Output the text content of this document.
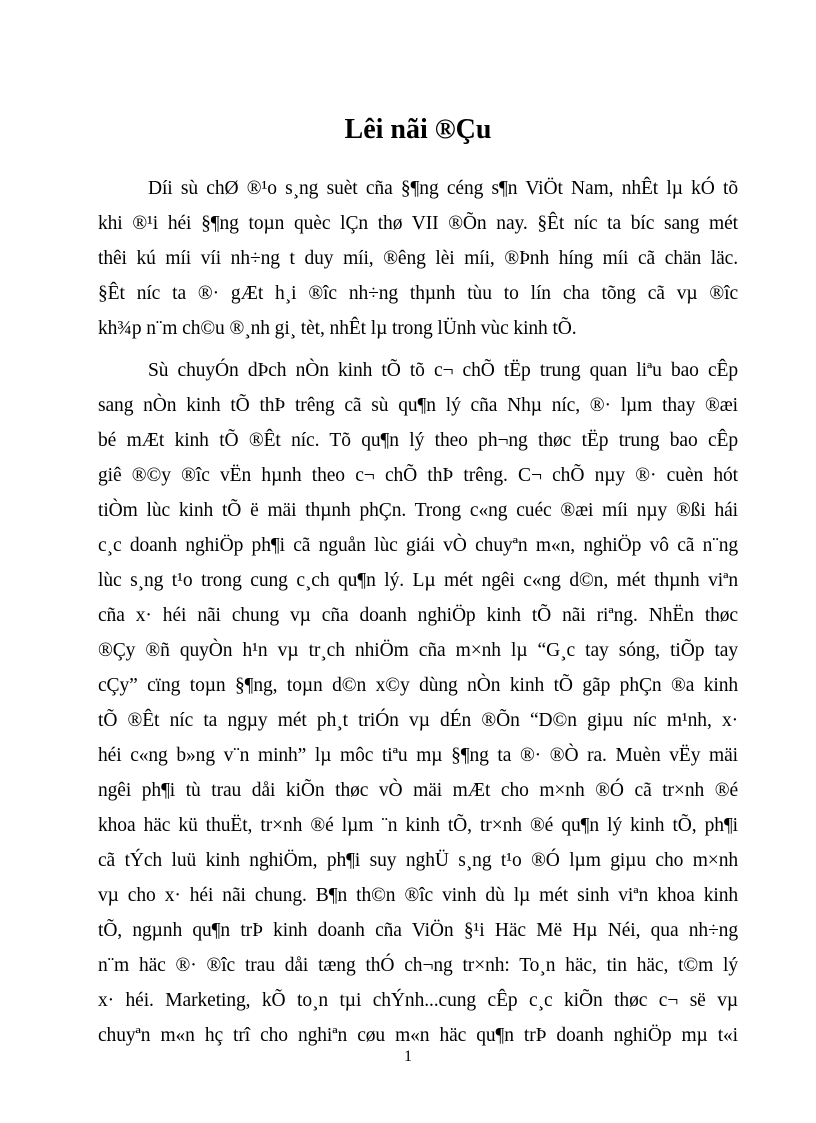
Lêi nãi ®Çu
Díi sù chØ ®¹o s¸ng suèt cña §¶ng céng s¶n ViÖt Nam, nhÊt lµ kÓ tõ
khi ®¹i héi §¶ng toµn quèc lÇn thø VII ®Õn nay. §Êt níc ta bíc sang mét
thêi kú míi víi nh÷ng t duy míi, ®êng lèi míi, ®Þnh híng míi cã chän läc.
§Êt níc ta ®· gÆt h¸i ®îc nh÷ng thµnh tùu to lín cha tõng cã vµ ®îc
kh¾p n¨m ch©u ®¸nh gi¸ tèt, nhÊt lµ trong lÜnh vùc kinh tÕ.
Sù chuyÓn dÞch nÒn kinh tÕ tõ c¬ chÕ tËp trung quan liªu bao cÊp
sang nÒn kinh tÕ thÞ trêng cã sù qu¶n lý cña Nhµ níc, ®· lµm thay ®æi
bé mÆt kinh tÕ ®Êt níc. Tõ qu¶n lý theo ph¬ng thøc tËp trung bao cÊp
giê ®©y ®îc vËn hµnh theo c¬ chÕ thÞ trêng. C¬ chÕ nµy ®· cuèn hót
tiÒm lùc kinh tÕ ë mäi thµnh phÇn. Trong c«ng cuéc ®æi míi nµy ®ßi hái
c¸c doanh nghiÖp ph¶i cã nguån lùc giái vÒ chuyªn m«n, nghiÖp vô cã n¨ng
lùc s¸ng t¹o trong cung c¸ch qu¶n lý. Lµ mét ngêi c«ng d©n, mét thµnh viªn
cña x· héi nãi chung vµ cña doanh nghiÖp kinh tÕ nãi riªng. NhËn thøc
®Çy ®ñ quyÒn h¹n vµ tr¸ch nhiÖm cña m×nh lµ “G¸c tay sóng, tiÕp tay
cÇy” cïng toµn §¶ng, toµn d©n x©y dùng nÒn kinh tÕ gãp phÇn ®a kinh
tÕ ®Êt níc ta ngµy mét ph¸t triÓn vµ dÉn ®Õn “D©n giµu níc m¹nh, x·
héi c«ng b»ng v¨n minh” lµ môc tiªu mµ §¶ng ta ®· ®Ò ra. Muèn vËy mäi
ngêi ph¶i tù trau dåi kiÕn thøc vÒ mäi mÆt cho m×nh ®Ó cã tr×nh ®é
khoa häc kü thuËt, tr×nh ®é lµm ¨n kinh tÕ, tr×nh ®é qu¶n lý kinh tÕ, ph¶i
cã tÝch luü kinh nghiÖm, ph¶i suy nghÜ s¸ng t¹o ®Ó lµm giµu cho m×nh
vµ cho x· héi nãi chung. B¶n th©n ®îc vinh dù lµ mét sinh viªn khoa kinh
tÕ, ngµnh qu¶n trÞ kinh doanh cña ViÖn §¹i Häc Më Hµ Néi, qua nh÷ng
n¨m häc ®· ®îc trau dåi tæng thÓ ch¬ng tr×nh: To¸n häc, tin häc, t©m lý
x· héi. Marketing, kÕ to¸n tµi chÝnh...cung cÊp c¸c kiÕn thøc c¬ së vµ
chuyªn m«n hç trî cho nghiªn cøu m«n häc qu¶n trÞ doanh nghiÖp mµ t«i
1
